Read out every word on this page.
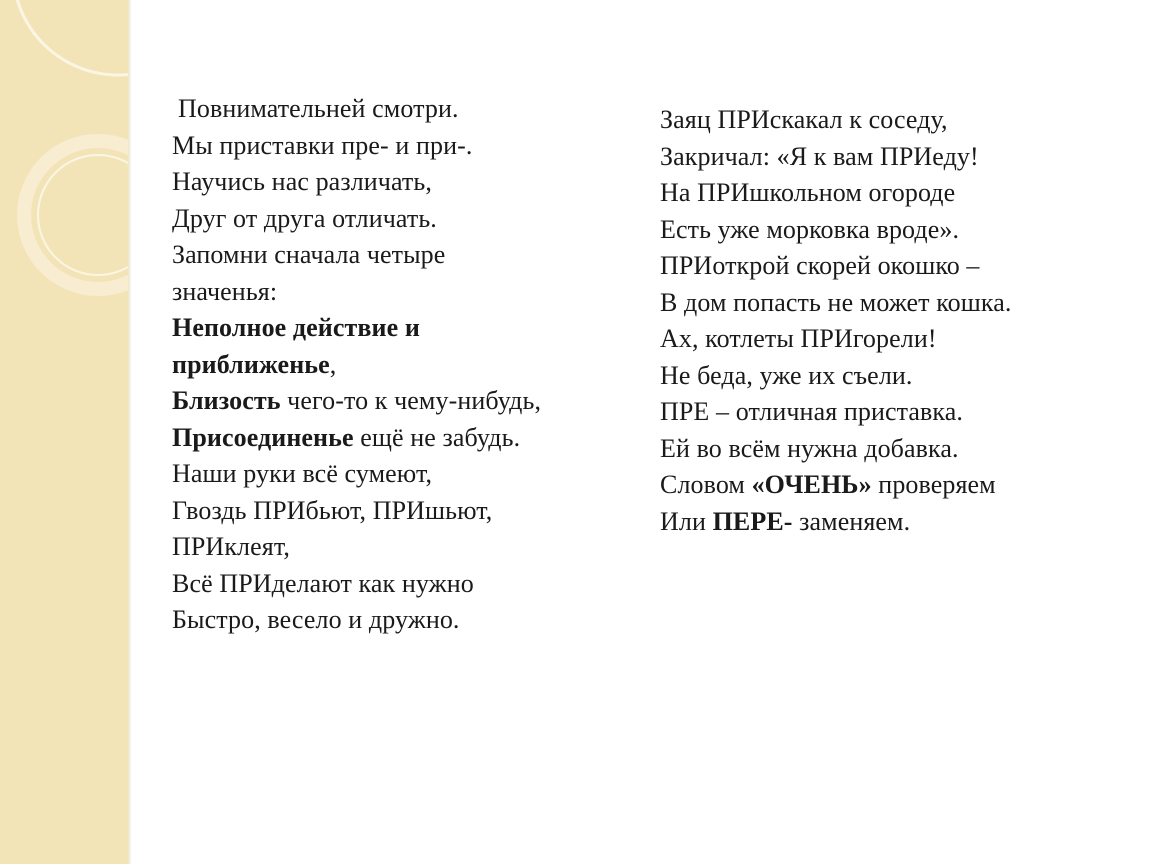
Повнимательней смотри.
Мы приставки пре- и при-.
Научись нас различать,
Друг от друга отличать.
Запомни сначала четыре
значенья:
Неполное действие и
приближенье,
Близость чего-то к чему-нибудь,
Присоединенье ещё не забудь.
Наши руки всё сумеют,
Гвоздь ПРИбьют, ПРИшьют,
ПРИклеят,
Всё ПРИделают как нужно
Быстро, весело и дружно.
Заяц ПРИскакал к соседу,
Закричал: «Я к вам ПРИеду!
На ПРИшкольном огороде
Есть уже морковка вроде».
ПРИоткрой скорей окошко –
В дом попасть не может кошка.
Ах, котлеты ПРИгорели!
Не беда, уже их съели.
ПРЕ – отличная приставка.
Ей во всём нужна добавка.
Словом «ОЧЕНЬ» проверяем
Или ПЕРЕ- заменяем.
